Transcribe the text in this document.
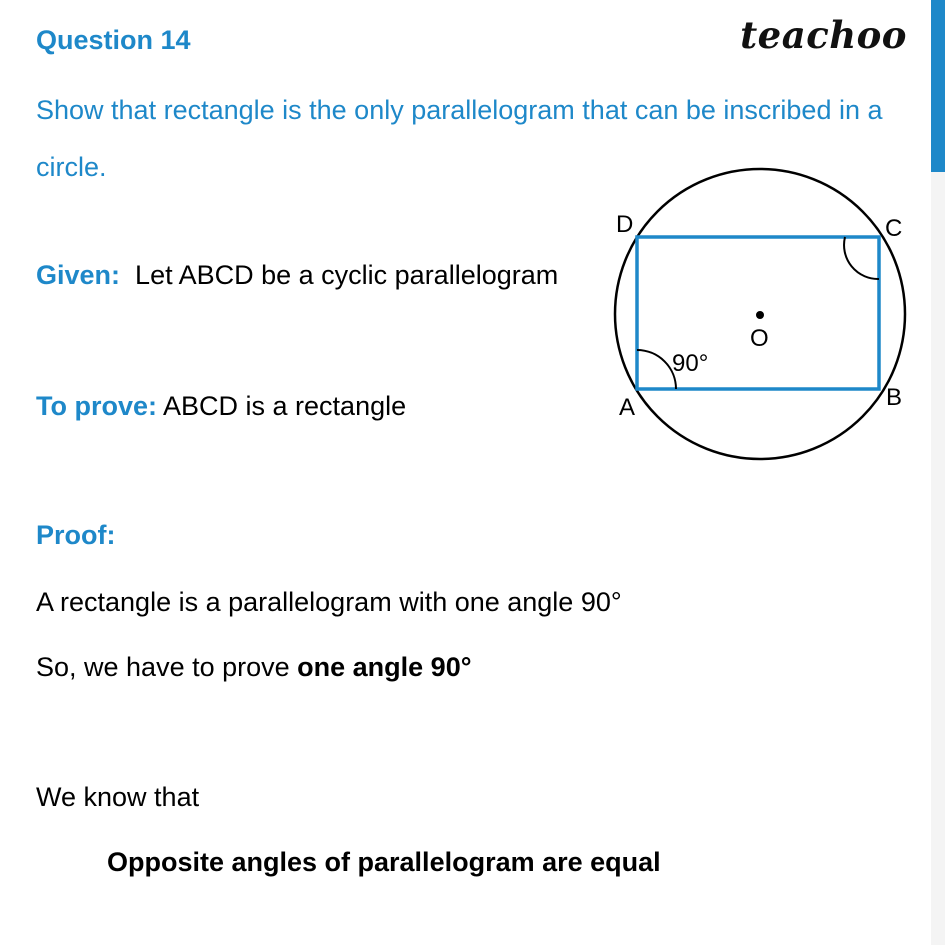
Question 14	teachoo
Show that rectangle is the only parallelogram that can be inscribed in a circle.
Given: Let ABCD be a cyclic parallelogram
To prove: ABCD is a rectangle
Proof:
A rectangle is a parallelogram with one angle 90°
So, we have to prove one angle 90°
We know that
Opposite angles of parallelogram are equal
O
90°
D	C
A	B
